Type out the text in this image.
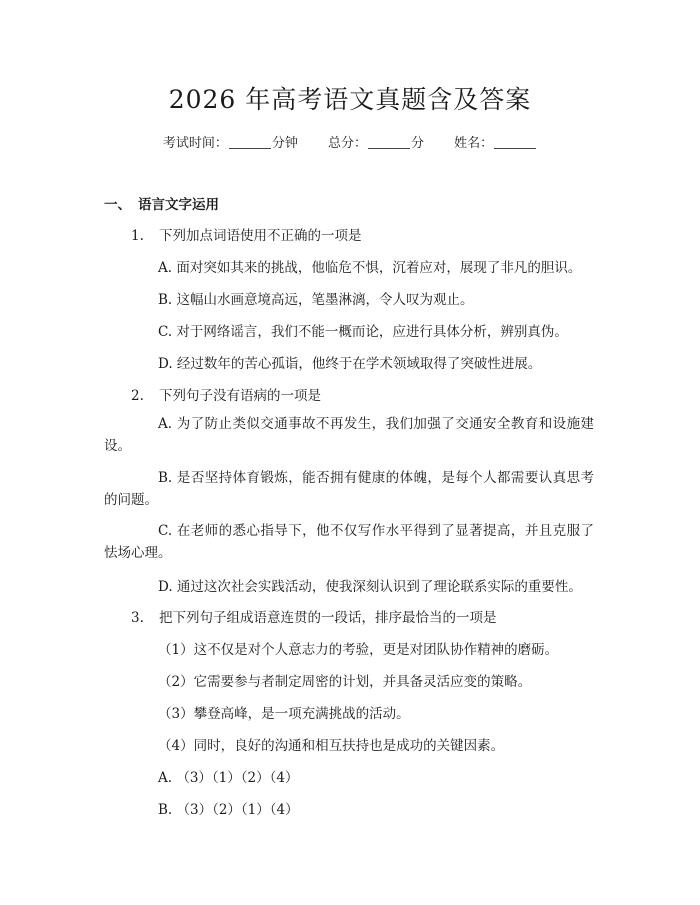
2026 年高考语文真题含及答案
考试时间：	分钟 总分：	分 姓名：
一、 语言文字运用
1. 下列加点词语使用不正确的一项是
A. 面对突如其来的挑战，他临危不惧，沉着应对，展现了非凡的胆识。
B. 这幅山水画意境高远，笔墨淋漓，令人叹为观止。
C. 对于网络谣言，我们不能一概而论，应进行具体分析，辨别真伪。
D. 经过数年的苦心孤诣，他终于在学术领域取得了突破性进展。
2. 下列句子没有语病的一项是
A. 为了防止类似交通事故不再发生，我们加强了交通安全教育和设施建设。
B. 是否坚持体育锻炼，能否拥有健康的体魄，是每个人都需要认真思考的问题。
C. 在老师的悉心指导下，他不仅写作水平得到了显著提高，并且克服了怯场心理。
D. 通过这次社会实践活动，使我深刻认识到了理论联系实际的重要性。
3. 把下列句子组成语意连贯的一段话，排序最恰当的一项是
（1）这不仅是对个人意志力的考验，更是对团队协作精神的磨砺。
（2）它需要参与者制定周密的计划，并具备灵活应变的策略。
（3）攀登高峰，是一项充满挑战的活动。
（4）同时，良好的沟通和相互扶持也是成功的关键因素。
A. （3）（1）（2）（4）
B. （3）（2）（1）（4）
